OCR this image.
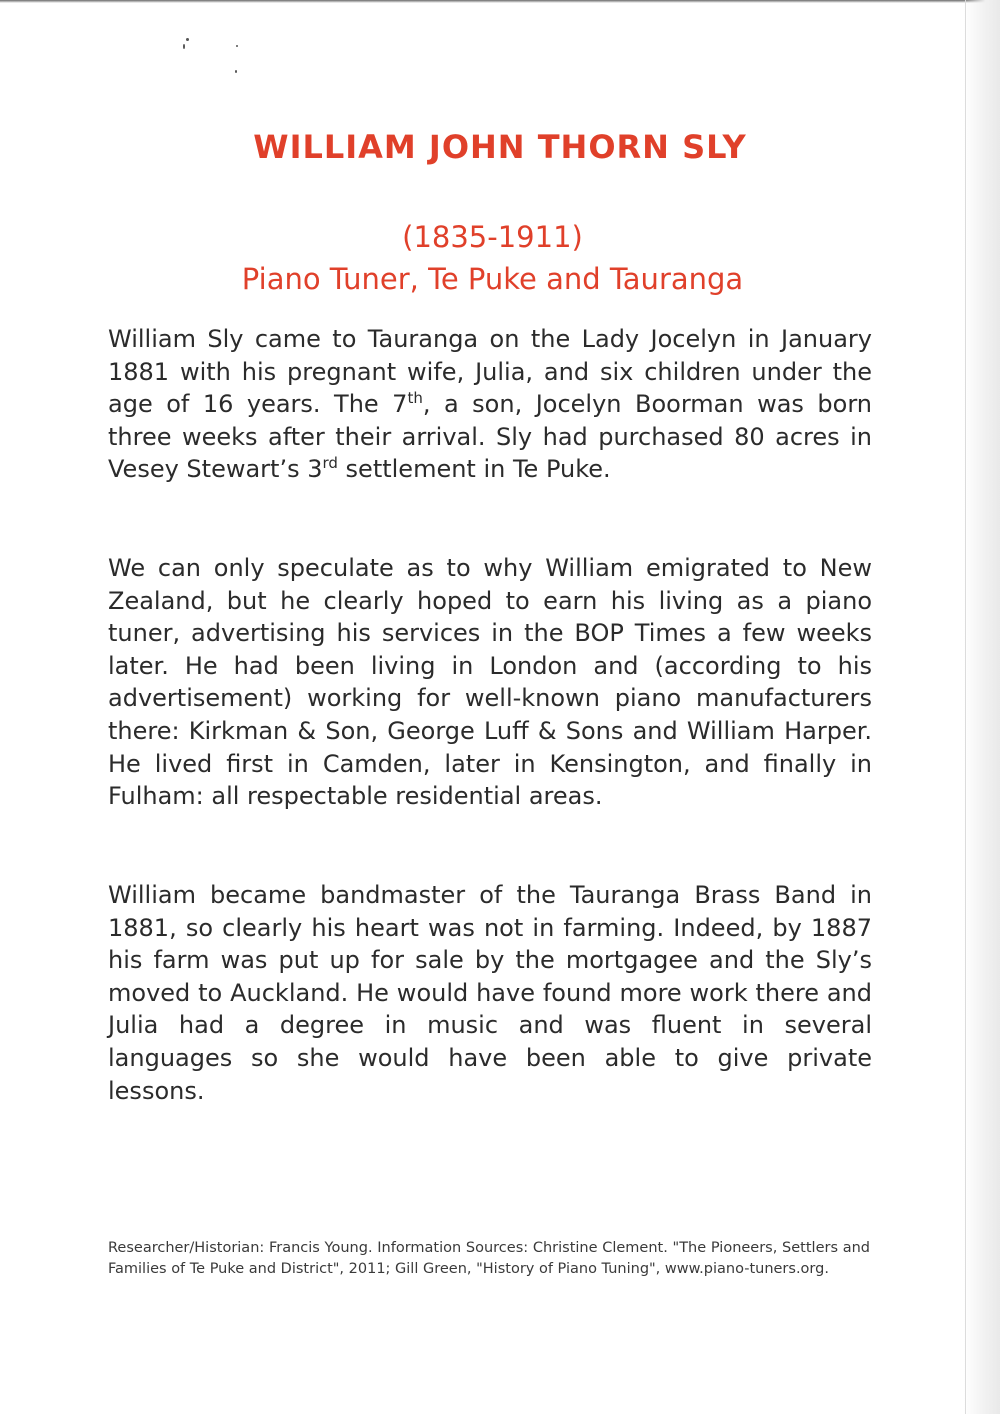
WILLIAM JOHN THORN SLY

(1835-1911)

Piano Tuner, Te Puke and Tauranga

William Sly came to Tauranga on the Lady Jocelyn in January 1881 with his pregnant wife, Julia, and six children under the age of 16 years. The 7th, a son, Jocelyn Boorman was born three weeks after their arrival. Sly had purchased 80 acres in Vesey Stewart’s 3rd settlement in Te Puke.

We can only speculate as to why William emigrated to New Zealand, but he clearly hoped to earn his living as a piano tuner, advertising his services in the BOP Times a few weeks later. He had been living in London and (according to his advertisement) working for well-known piano manufacturers there: Kirkman & Son, George Luff & Sons and William Harper. He lived first in Camden, later in Kensington, and finally in Fulham: all respectable residential areas.

William became bandmaster of the Tauranga Brass Band in 1881, so clearly his heart was not in farming. Indeed, by 1887 his farm was put up for sale by the mortgagee and the Sly’s moved to Auckland. He would have found more work there and Julia had a degree in music and was fluent in several languages so she would have been able to give private lessons.

Researcher/Historian: Francis Young. Information Sources: Christine Clement. "The Pioneers, Settlers and Families of Te Puke and District", 2011; Gill Green, "History of Piano Tuning", www.piano-tuners.org.
